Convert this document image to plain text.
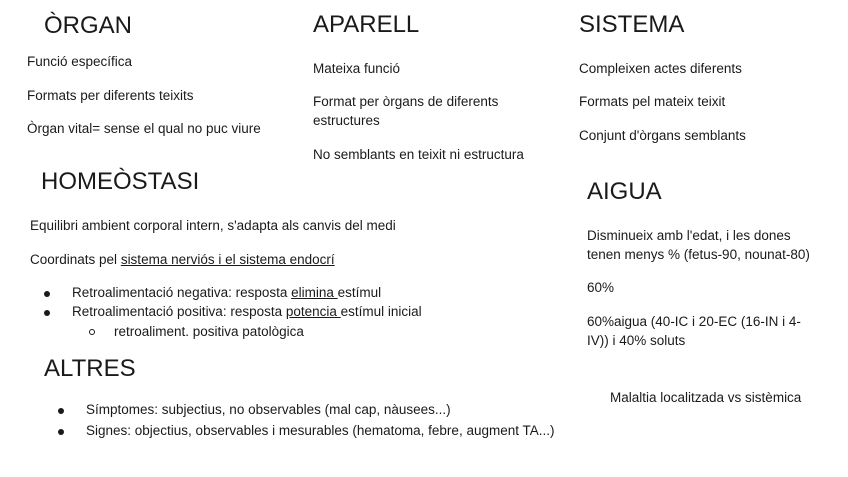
ÒRGAN

Funció específica

Formats per diferents teixits

Òrgan vital= sense el qual no puc viure

APARELL

Mateixa funció

Format per òrgans de diferents estructures

No semblants en teixit ni estructura

SISTEMA

Compleixen actes diferents

Formats pel mateix teixit

Conjunt d'òrgans semblants

HOMEÒSTASI

Equilibri ambient corporal intern, s'adapta als canvis del medi

Coordinats pel sistema nerviós i el sistema endocrí

Retroalimentació negativa: resposta elimina estímul
Retroalimentació positiva: resposta potencia estímul inicial
retroaliment. positiva patològica
AIGUA

Disminueix amb l'edat, i les dones tenen menys % (fetus-90, nounat-80)

60%

60%aigua (40-IC i 20-EC (16-IN i 4-IV)) i 40% soluts

ALTRES
Símptomes: subjectius, no observables (mal cap, nàusees...)
Signes: objectius, observables i mesurables (hematoma, febre, augment TA...)

Malaltia localitzada vs sistèmica
